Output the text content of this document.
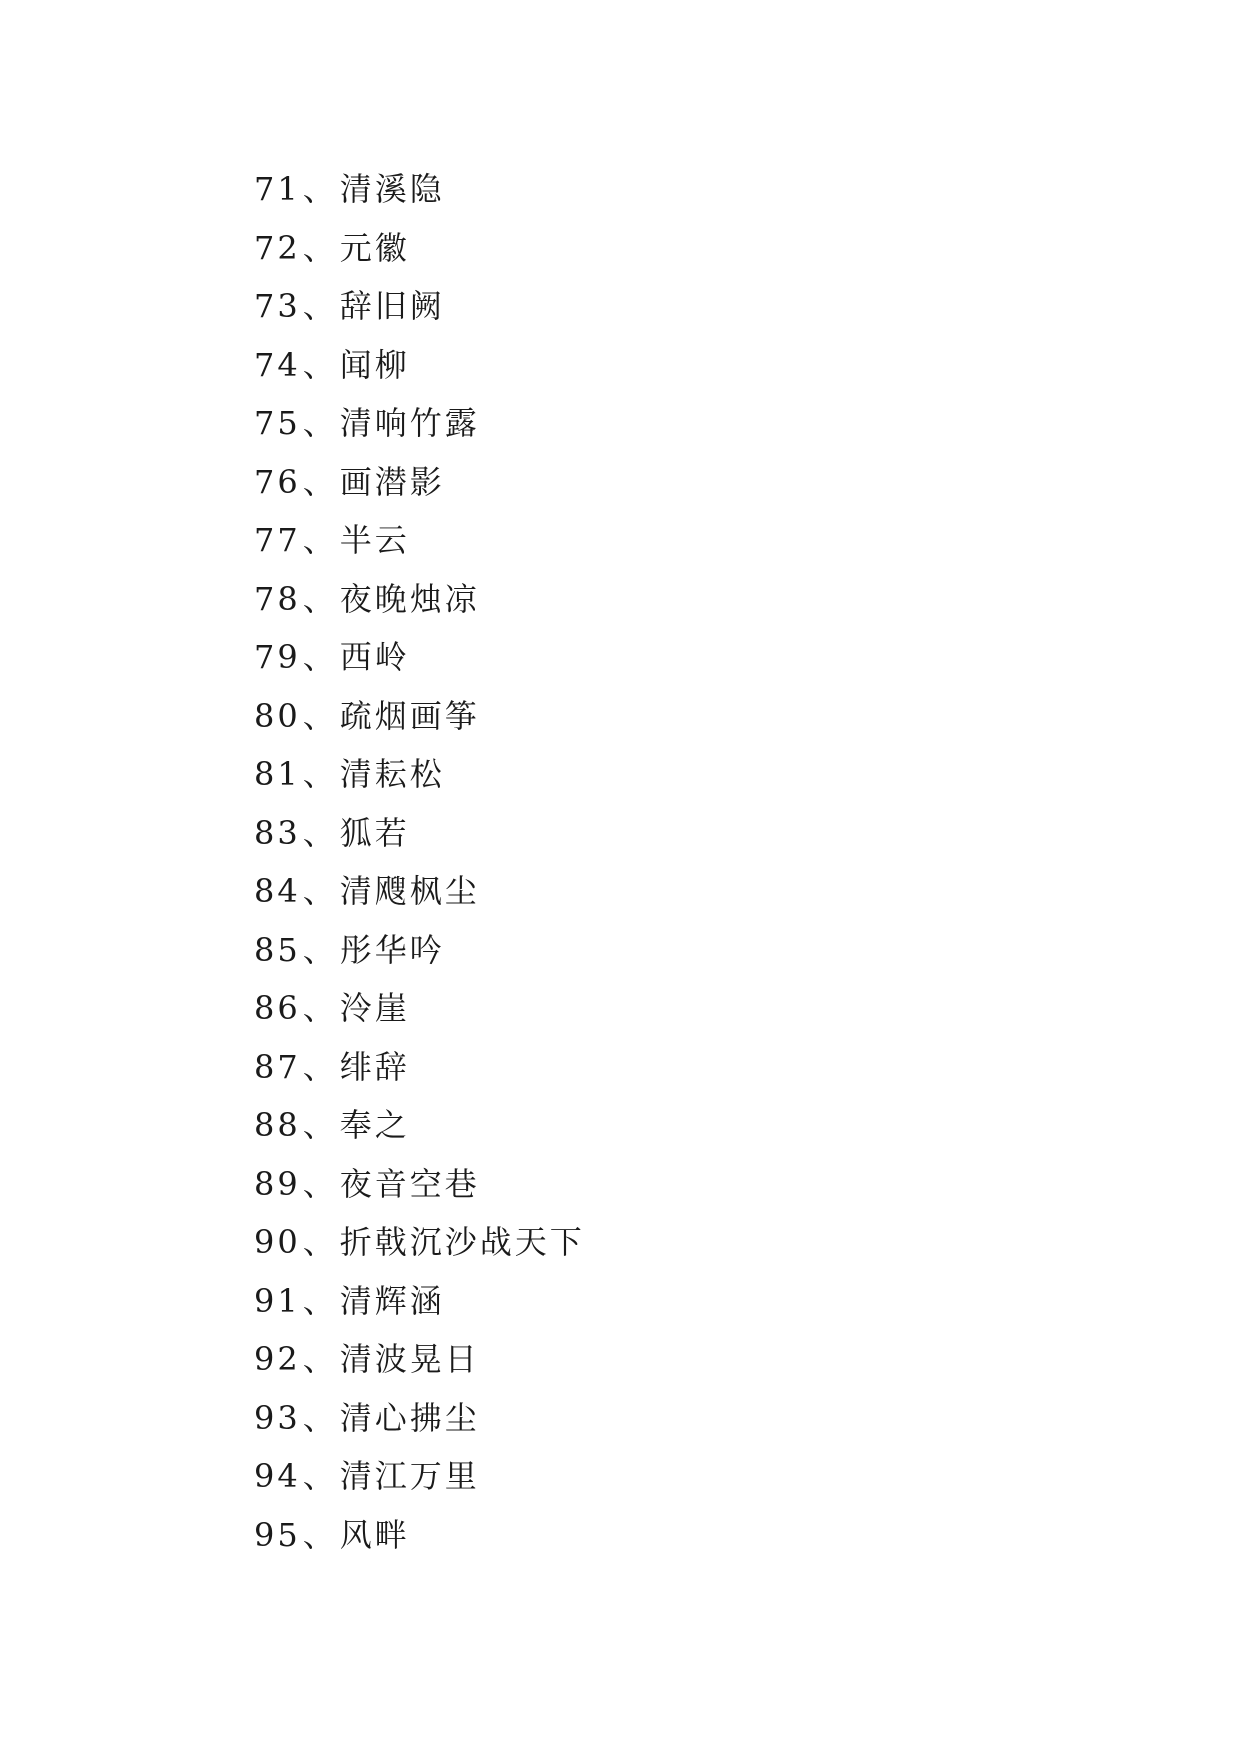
71、清溪隐
72、元徽
73、辞旧阙
74、闻柳
75、清响竹露
76、画潜影
77、半云
78、夜晚烛凉
79、西岭
80、疏烟画筝
81、清耘松
83、狐若
84、清飕枫尘
85、彤华吟
86、泠崖
87、绯辞
88、奉之
89、夜音空巷
90、折戟沉沙战天下
91、清辉涵
92、清波晃日
93、清心拂尘
94、清江万里
95、风畔
